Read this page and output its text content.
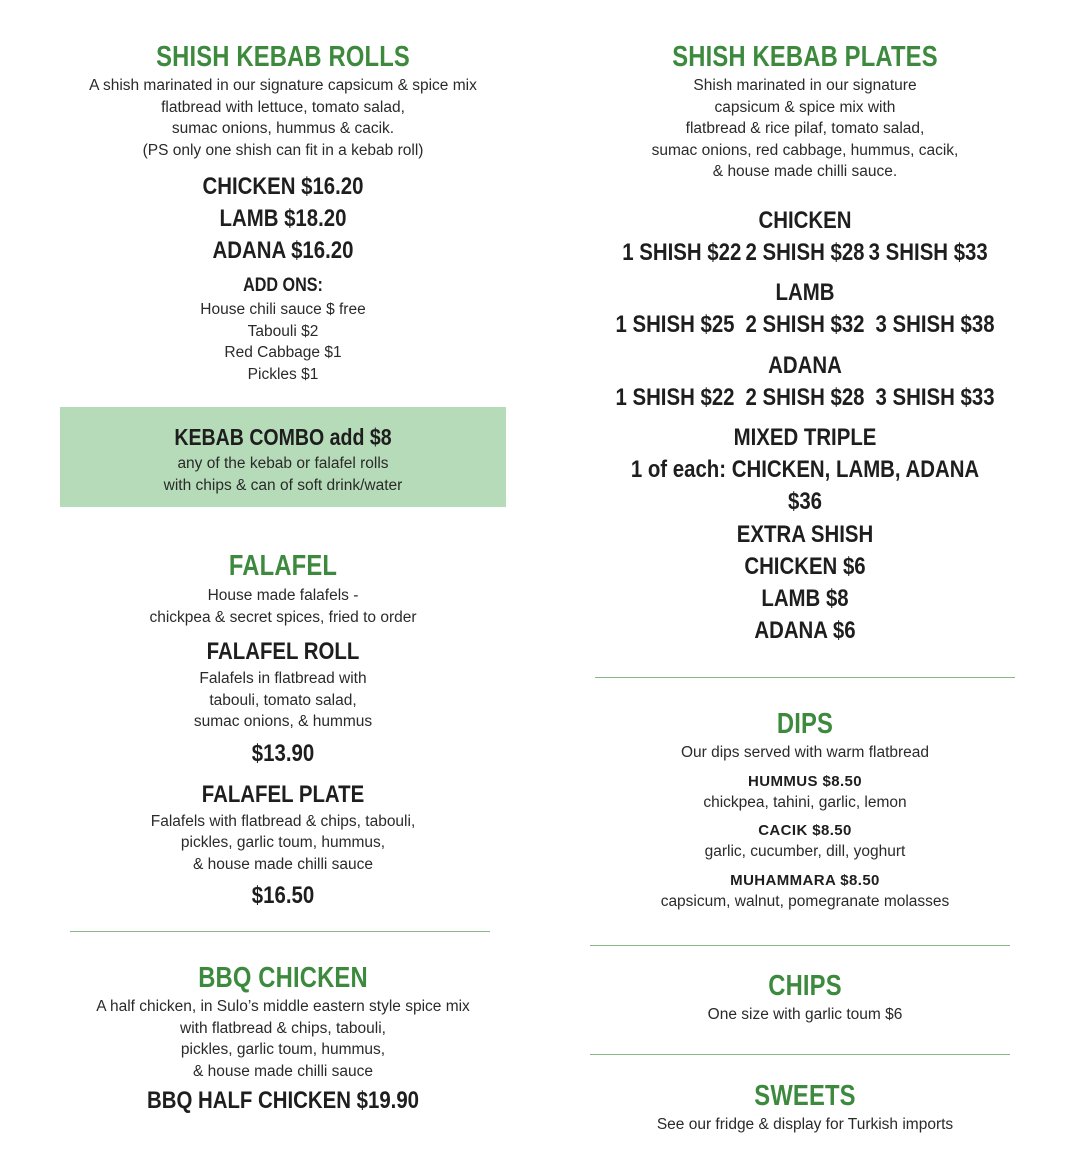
SHISH KEBAB ROLLS
A shish marinated in our signature capsicum & spice mix
flatbread with lettuce, tomato salad,
sumac onions, hummus & cacik.
(PS only one shish can fit in a kebab roll)
CHICKEN $16.20
LAMB $18.20
ADANA $16.20
ADD ONS:
House chili sauce $ free
Tabouli $2
Red Cabbage $1
Pickles $1
KEBAB COMBO add $8
any of the kebab or falafel rolls
with chips & can of soft drink/water
FALAFEL
House made falafels -
chickpea & secret spices, fried to order
FALAFEL ROLL
Falafels in flatbread with
tabouli, tomato salad,
sumac onions, & hummus
$13.90
FALAFEL PLATE
Falafels with flatbread & chips, tabouli,
pickles, garlic toum, hummus,
& house made chilli sauce
$16.50
BBQ CHICKEN
A half chicken, in Sulo’s middle eastern style spice mix
with flatbread & chips, tabouli,
pickles, garlic toum, hummus,
& house made chilli sauce
BBQ HALF CHICKEN $19.90
SHISH KEBAB PLATES
Shish marinated in our signature
capsicum & spice mix with
flatbread & rice pilaf, tomato salad,
sumac onions, red cabbage, hummus, cacik,
& house made chilli sauce.
CHICKEN
1 SHISH $22 2 SHISH $28 3 SHISH $33
LAMB
1 SHISH $25 2 SHISH $32 3 SHISH $38
ADANA
1 SHISH $22 2 SHISH $28 3 SHISH $33
MIXED TRIPLE
1 of each: CHICKEN, LAMB, ADANA $36
EXTRA SHISH
CHICKEN $6
LAMB $8
ADANA $6
DIPS
Our dips served with warm flatbread
HUMMUS $8.50
chickpea, tahini, garlic, lemon
CACIK $8.50
garlic, cucumber, dill, yoghurt
MUHAMMARA $8.50
capsicum, walnut, pomegranate molasses
CHIPS
One size with garlic toum $6
SWEETS
See our fridge & display for Turkish imports
